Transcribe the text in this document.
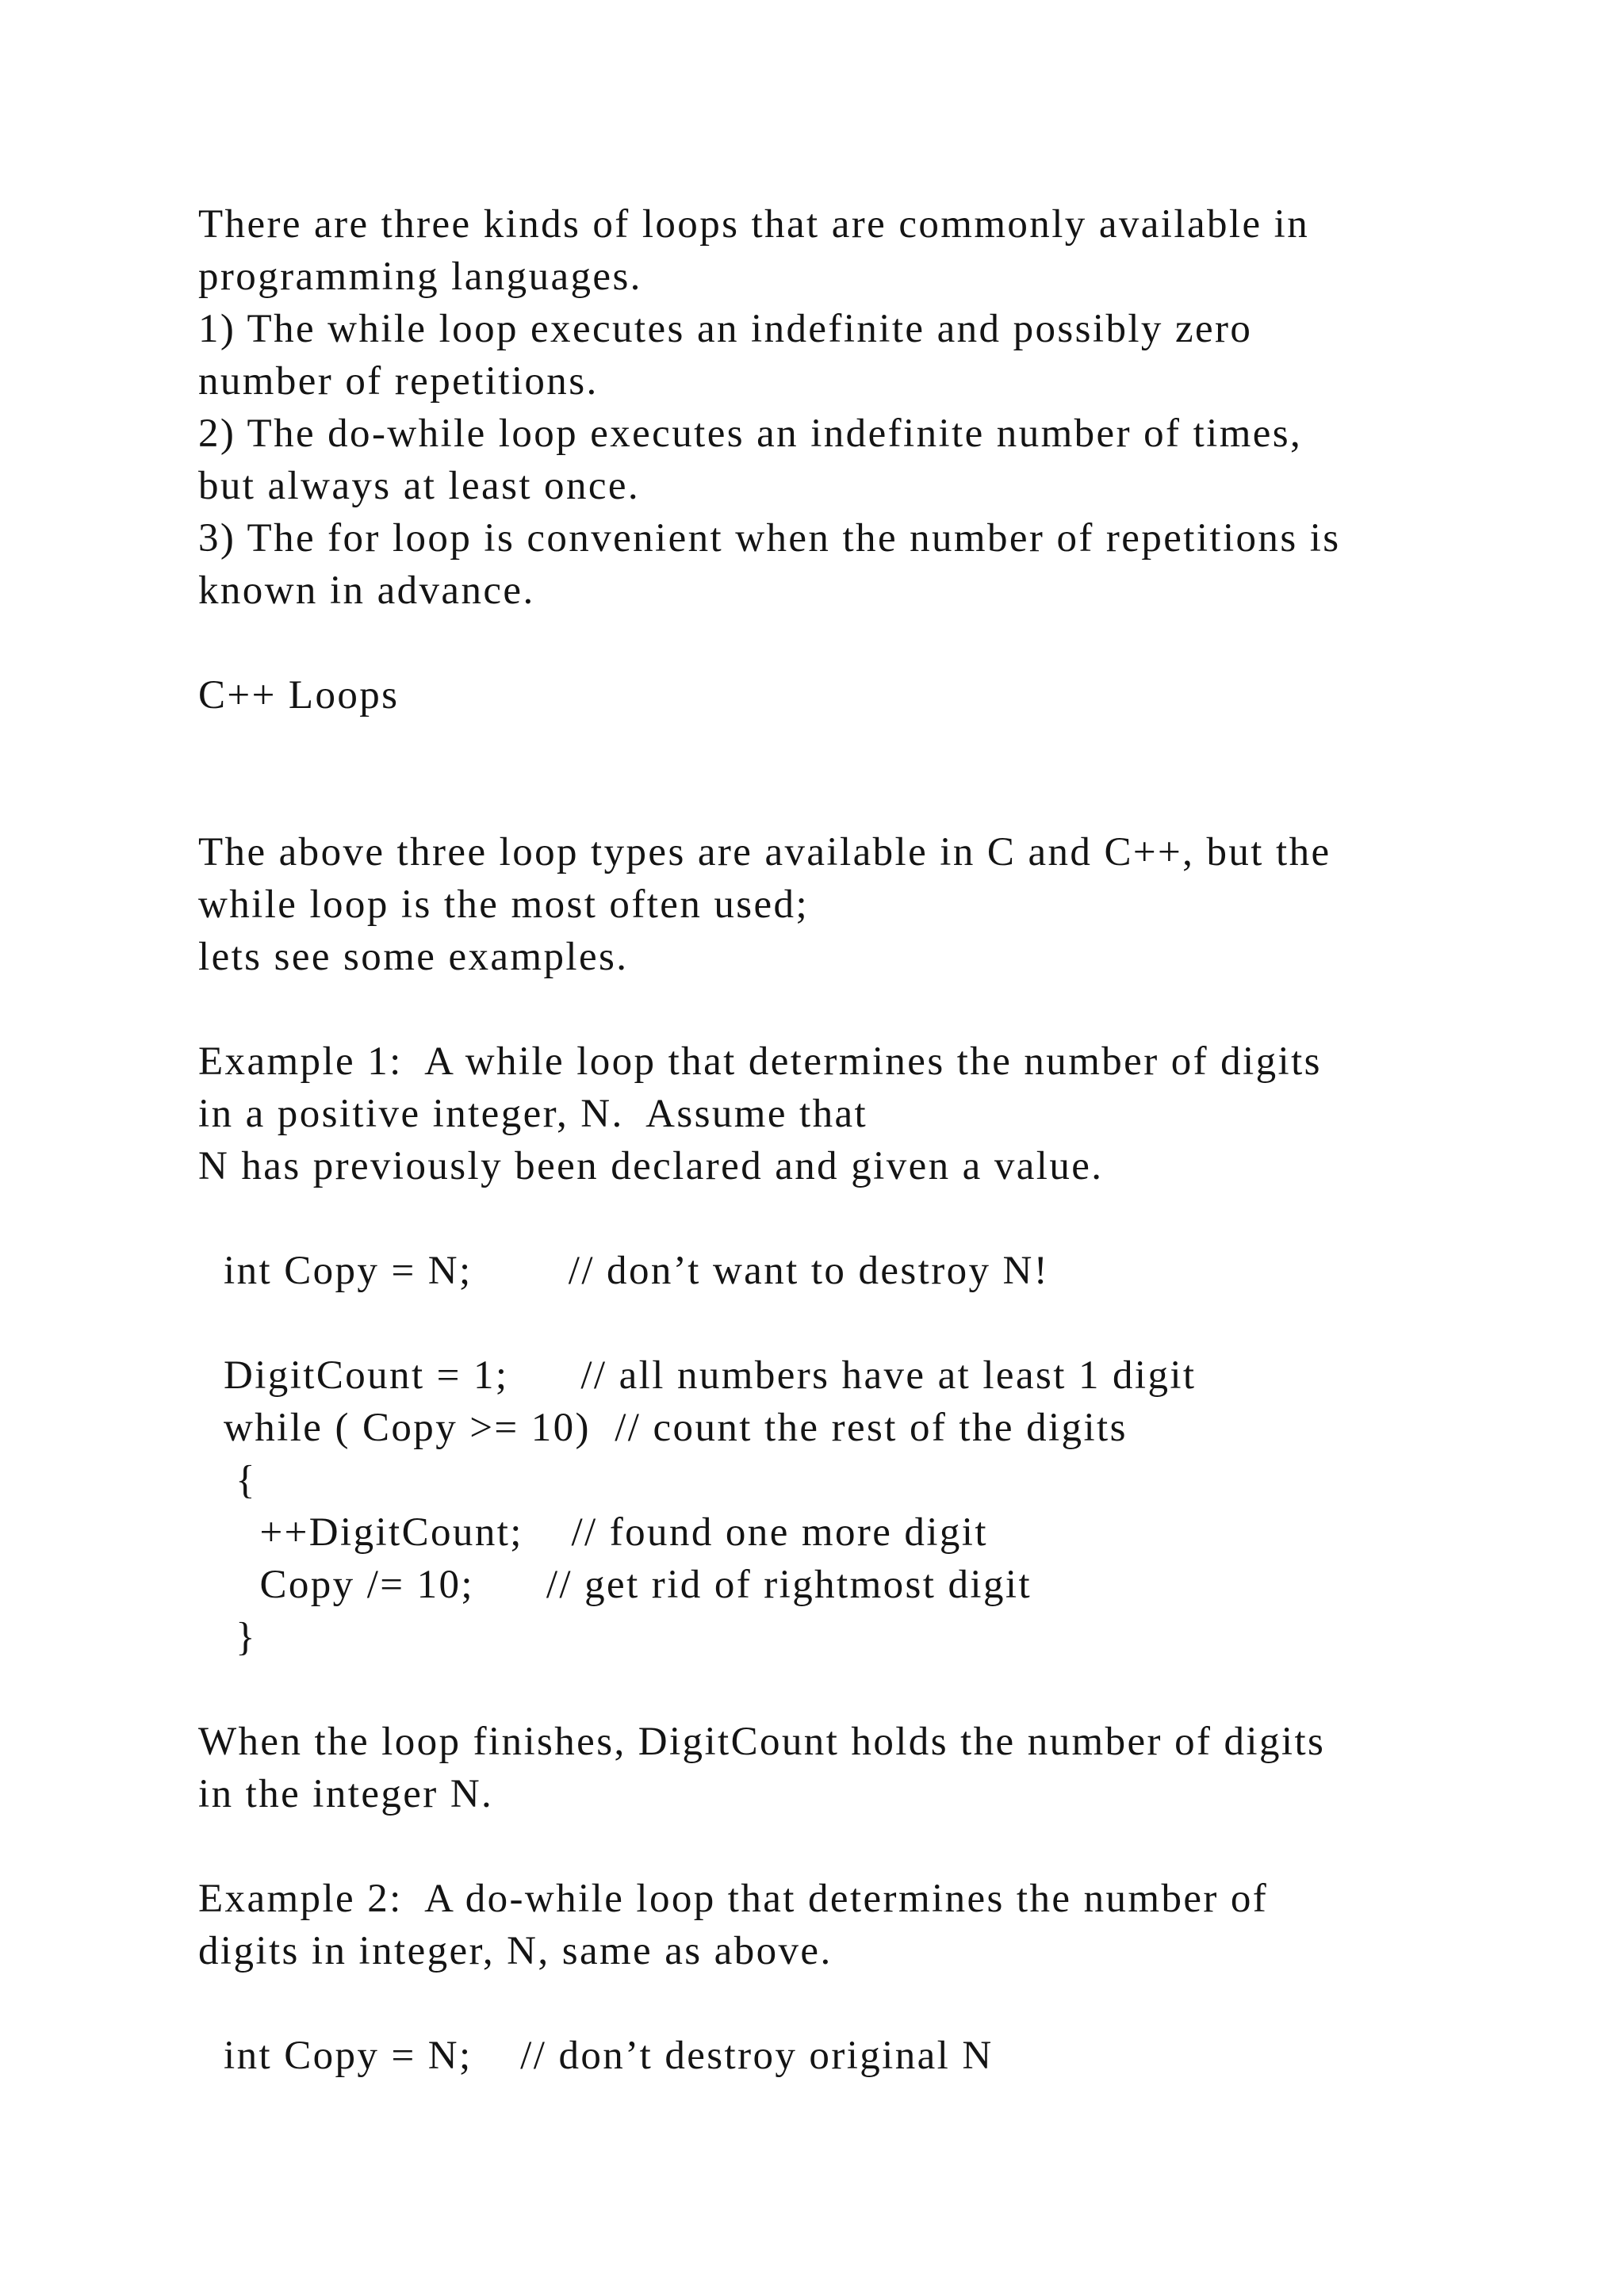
There are three kinds of loops that are commonly available in

programming languages.

1) The while loop executes an indefinite and possibly zero

number of repetitions.

2) The do-while loop executes an indefinite number of times,

but always at least once.

3) The for loop is convenient when the number of repetitions is

known in advance.

C++ Loops

The above three loop types are available in C and C++, but the

while loop is the most often used;

lets see some examples.

Example 1:  A while loop that determines the number of digits

in a positive integer, N.  Assume that

N has previously been declared and given a value.

int Copy = N;        // don’t want to destroy N!

DigitCount = 1;      // all numbers have at least 1 digit

while ( Copy >= 10)  // count the rest of the digits

{

++DigitCount;    // found one more digit

Copy /= 10;      // get rid of rightmost digit

}

When the loop finishes, DigitCount holds the number of digits

in the integer N.

Example 2:  A do-while loop that determines the number of

digits in integer, N, same as above.

int Copy = N;    // don’t destroy original N
